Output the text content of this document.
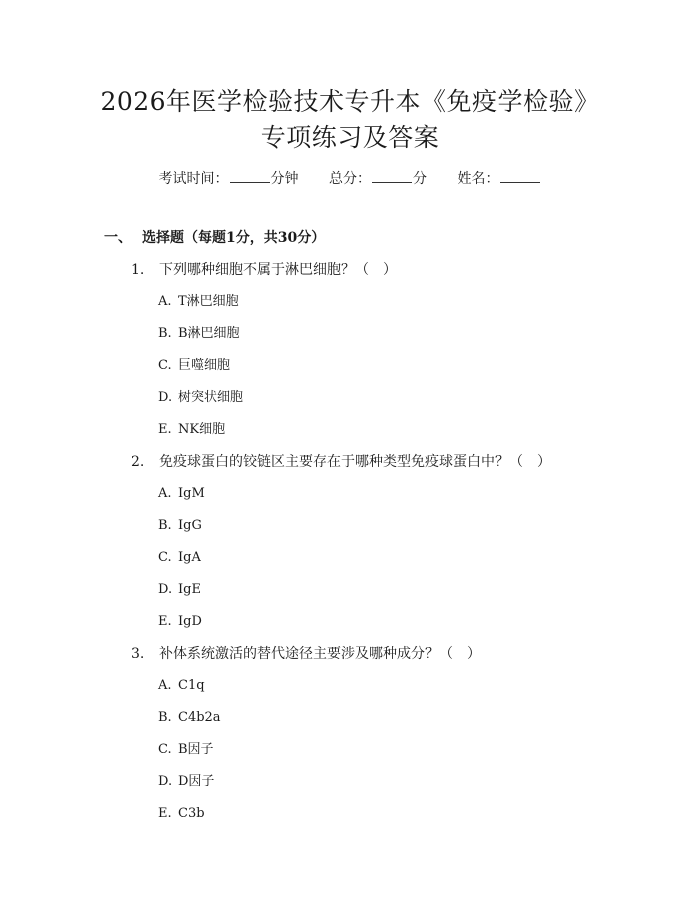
2026年医学检验技术专升本《免疫学检验》
专项练习及答案
考试时间：	分钟 总分：	分 姓名：
一、 选择题（每题1分，共30分）
1. 下列哪种细胞不属于淋巴细胞？（　）
A. T淋巴细胞
B. B淋巴细胞
C. 巨噬细胞
D. 树突状细胞
E. NK细胞
2. 免疫球蛋白的铰链区主要存在于哪种类型免疫球蛋白中？（　）
A. IgM
B. IgG
C. IgA
D. IgE
E. IgD
3. 补体系统激活的替代途径主要涉及哪种成分？（　）
A. C1q
B. C4b2a
C. B因子
D. D因子
E. C3b
